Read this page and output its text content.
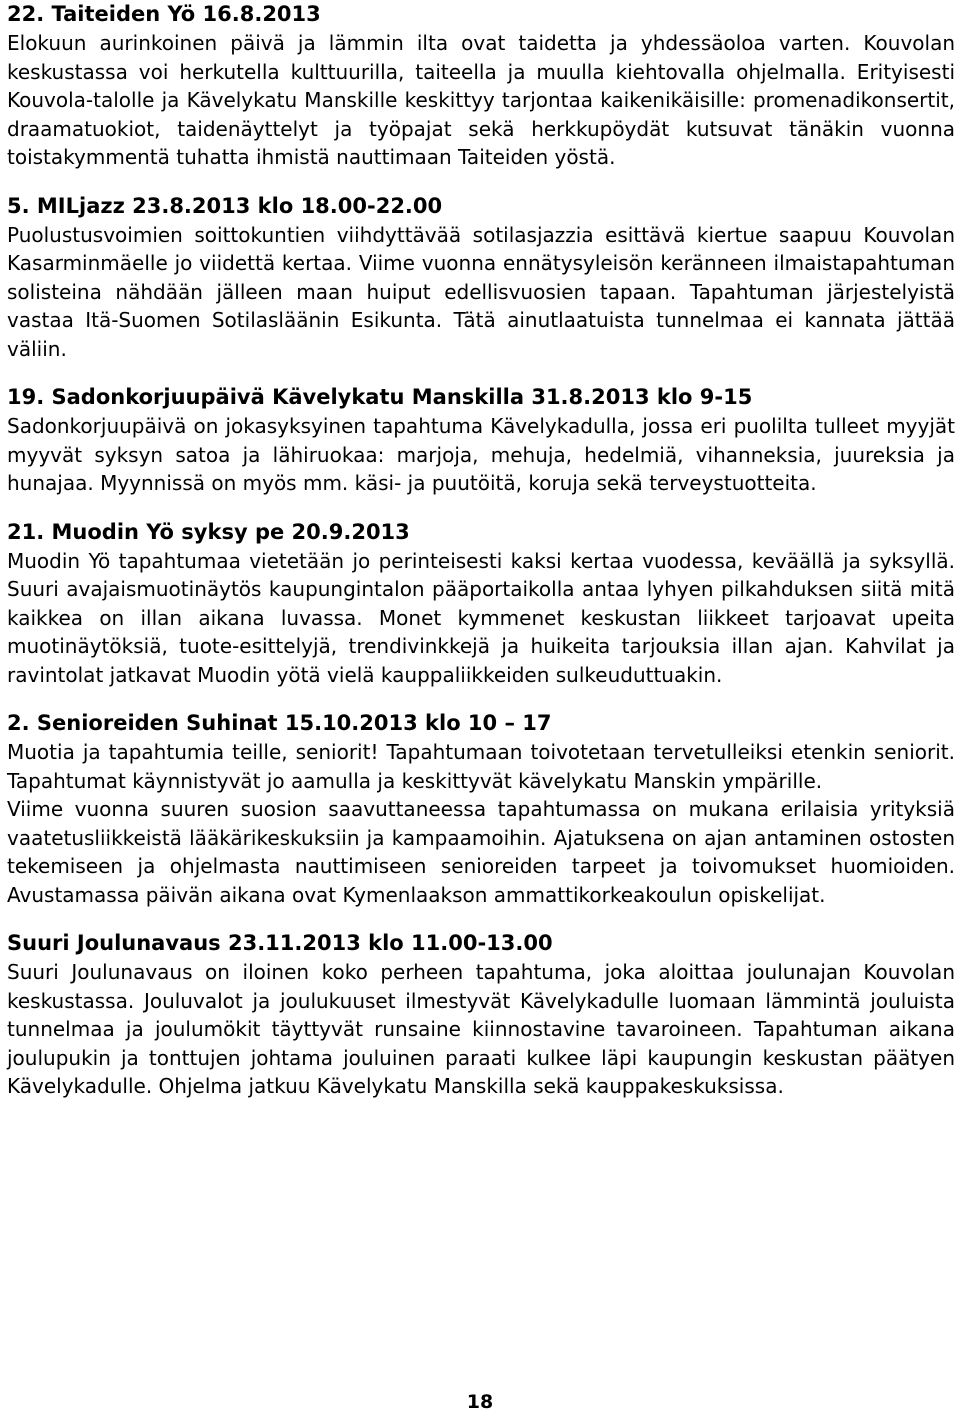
22. Taiteiden Yö 16.8.2013

Elokuun aurinkoinen päivä ja lämmin ilta ovat taidetta ja yhdessäoloa varten. Kouvolan keskustassa voi herkutella kulttuurilla, taiteella ja muulla kiehtovalla ohjelmalla. Erityisesti Kouvola-talolle ja Kävelykatu Manskille keskittyy tarjontaa kaikenikäisille: promenadikonsertit, draamatuokiot, taidenäyttelyt ja työpajat sekä herkkupöydät kutsuvat tänäkin vuonna toistakymmentä tuhatta ihmistä nauttimaan Taiteiden yöstä.

5. MILjazz 23.8.2013 klo 18.00-22.00

Puolustusvoimien soittokuntien viihdyttävää sotilasjazzia esittävä kiertue saapuu Kouvolan Kasarminmäelle jo viidettä kertaa. Viime vuonna ennätysyleisön keränneen ilmaistapahtuman solisteina nähdään jälleen maan huiput edellisvuosien tapaan. Tapahtuman järjestelyistä vastaa Itä-Suomen Sotilasläänin Esikunta. Tätä ainutlaatuista tunnelmaa ei kannata jättää väliin.

19. Sadonkorjuupäivä Kävelykatu Manskilla 31.8.2013 klo 9-15

Sadonkorjuupäivä on jokasyksyinen tapahtuma Kävelykadulla, jossa eri puolilta tulleet myyjät myyvät syksyn satoa ja lähiruokaa: marjoja, mehuja, hedelmiä, vihanneksia, juureksia ja hunajaa. Myynnissä on myös mm. käsi- ja puutöitä, koruja sekä terveystuotteita.

21. Muodin Yö syksy pe 20.9.2013

Muodin Yö tapahtumaa vietetään jo perinteisesti kaksi kertaa vuodessa, keväällä ja syksyllä. Suuri avajaismuotinäytös kaupungintalon pääportaikolla antaa lyhyen pilkahduksen siitä mitä kaikkea on illan aikana luvassa. Monet kymmenet keskustan liikkeet tarjoavat upeita muotinäytöksiä, tuote-esittelyjä, trendivinkkejä ja huikeita tarjouksia illan ajan. Kahvilat ja ravintolat jatkavat Muodin yötä vielä kauppaliikkeiden sulkeuduttuakin.

2. Senioreiden Suhinat 15.10.2013 klo 10 – 17

Muotia ja tapahtumia teille, seniorit! Tapahtumaan toivotetaan tervetulleiksi etenkin seniorit. Tapahtumat käynnistyvät jo aamulla ja keskittyvät kävelykatu Manskin ympärille.

Viime vuonna suuren suosion saavuttaneessa tapahtumassa on mukana erilaisia yrityksiä vaatetusliikkeistä lääkärikeskuksiin ja kampaamoihin. Ajatuksena on ajan antaminen ostosten tekemiseen ja ohjelmasta nauttimiseen senioreiden tarpeet ja toivomukset huomioiden. Avustamassa päivän aikana ovat Kymenlaakson ammattikorkeakoulun opiskelijat.

Suuri Joulunavaus 23.11.2013 klo 11.00-13.00

Suuri Joulunavaus on iloinen koko perheen tapahtuma, joka aloittaa joulunajan Kouvolan keskustassa. Jouluvalot ja joulukuuset ilmestyvät Kävelykadulle luomaan lämmintä jouluista tunnelmaa ja joulumökit täyttyvät runsaine kiinnostavine tavaroineen. Tapahtuman aikana joulupukin ja tonttujen johtama jouluinen paraati kulkee läpi kaupungin keskustan päätyen Kävelykadulle. Ohjelma jatkuu Kävelykatu Manskilla sekä kauppakeskuksissa.

18
